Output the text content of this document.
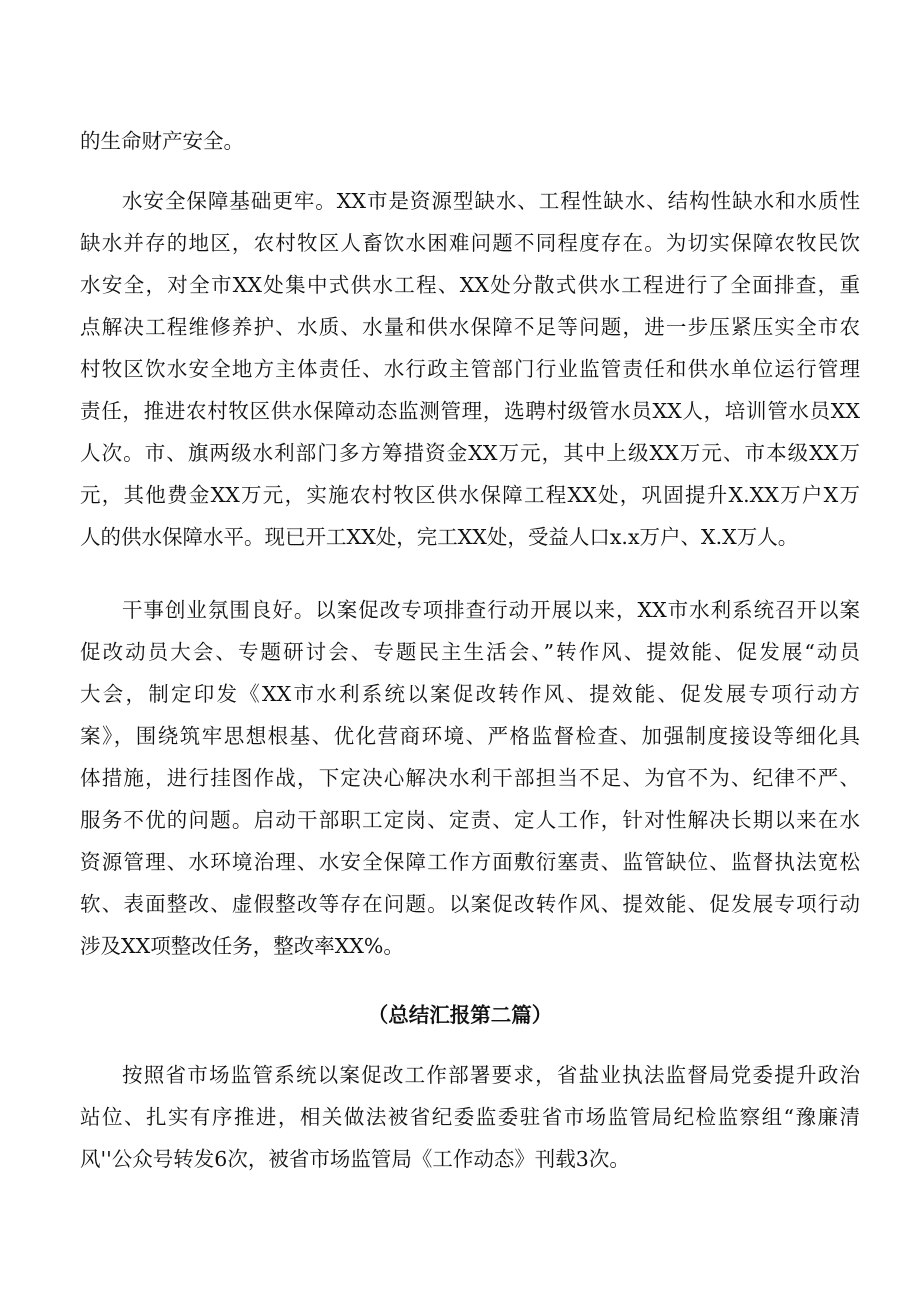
的生命财产安全。
水安全保障基础更牢。XX市是资源型缺水、工程性缺水、结构性缺水和水质性
缺水并存的地区，农村牧区人畜饮水困难问题不同程度存在。为切实保障农牧民饮
水安全，对全市XX处集中式供水工程、XX处分散式供水工程进行了全面排查，重
点解决工程维修养护、水质、水量和供水保障不足等问题，进一步压紧压实全市农
村牧区饮水安全地方主体责任、水行政主管部门行业监管责任和供水单位运行管理
责任，推进农村牧区供水保障动态监测管理，选聘村级管水员XX人，培训管水员XX
人次。市、旗两级水利部门多方筹措资金XX万元，其中上级XX万元、市本级XX万
元，其他费金XX万元，实施农村牧区供水保障工程XX处，巩固提升X.XX万户X万
人的供水保障水平。现已开工XX处，完工XX处，受益人口x.x万户、X.X万人。
干事创业氛围良好。以案促改专项排查行动开展以来，XX市水利系统召开以案
促改动员大会、专题研讨会、专题民主生活会、”转作风、提效能、促发展“动员
大会，制定印发《XX市水利系统以案促改转作风、提效能、促发展专项行动方
案》，围绕筑牢思想根基、优化营商环境、严格监督检查、加强制度接设等细化具
体措施，进行挂图作战，下定决心解决水利干部担当不足、为官不为、纪律不严、
服务不优的问题。启动干部职工定岗、定责、定人工作，针对性解决长期以来在水
资源管理、水环境治理、水安全保障工作方面敷衍塞责、监管缺位、监督执法宽松
软、表面整改、虚假整改等存在问题。以案促改转作风、提效能、促发展专项行动
涉及XX项整改任务，整改率XX%。
（总结汇报第二篇）
按照省市场监管系统以案促改工作部署要求，省盐业执法监督局党委提升政治
站位、扎实有序推进，相关做法被省纪委监委驻省市场监管局纪检监察组“豫廉清
风''公众号转发6次，被省市场监管局《工作动态》刊载3次。
